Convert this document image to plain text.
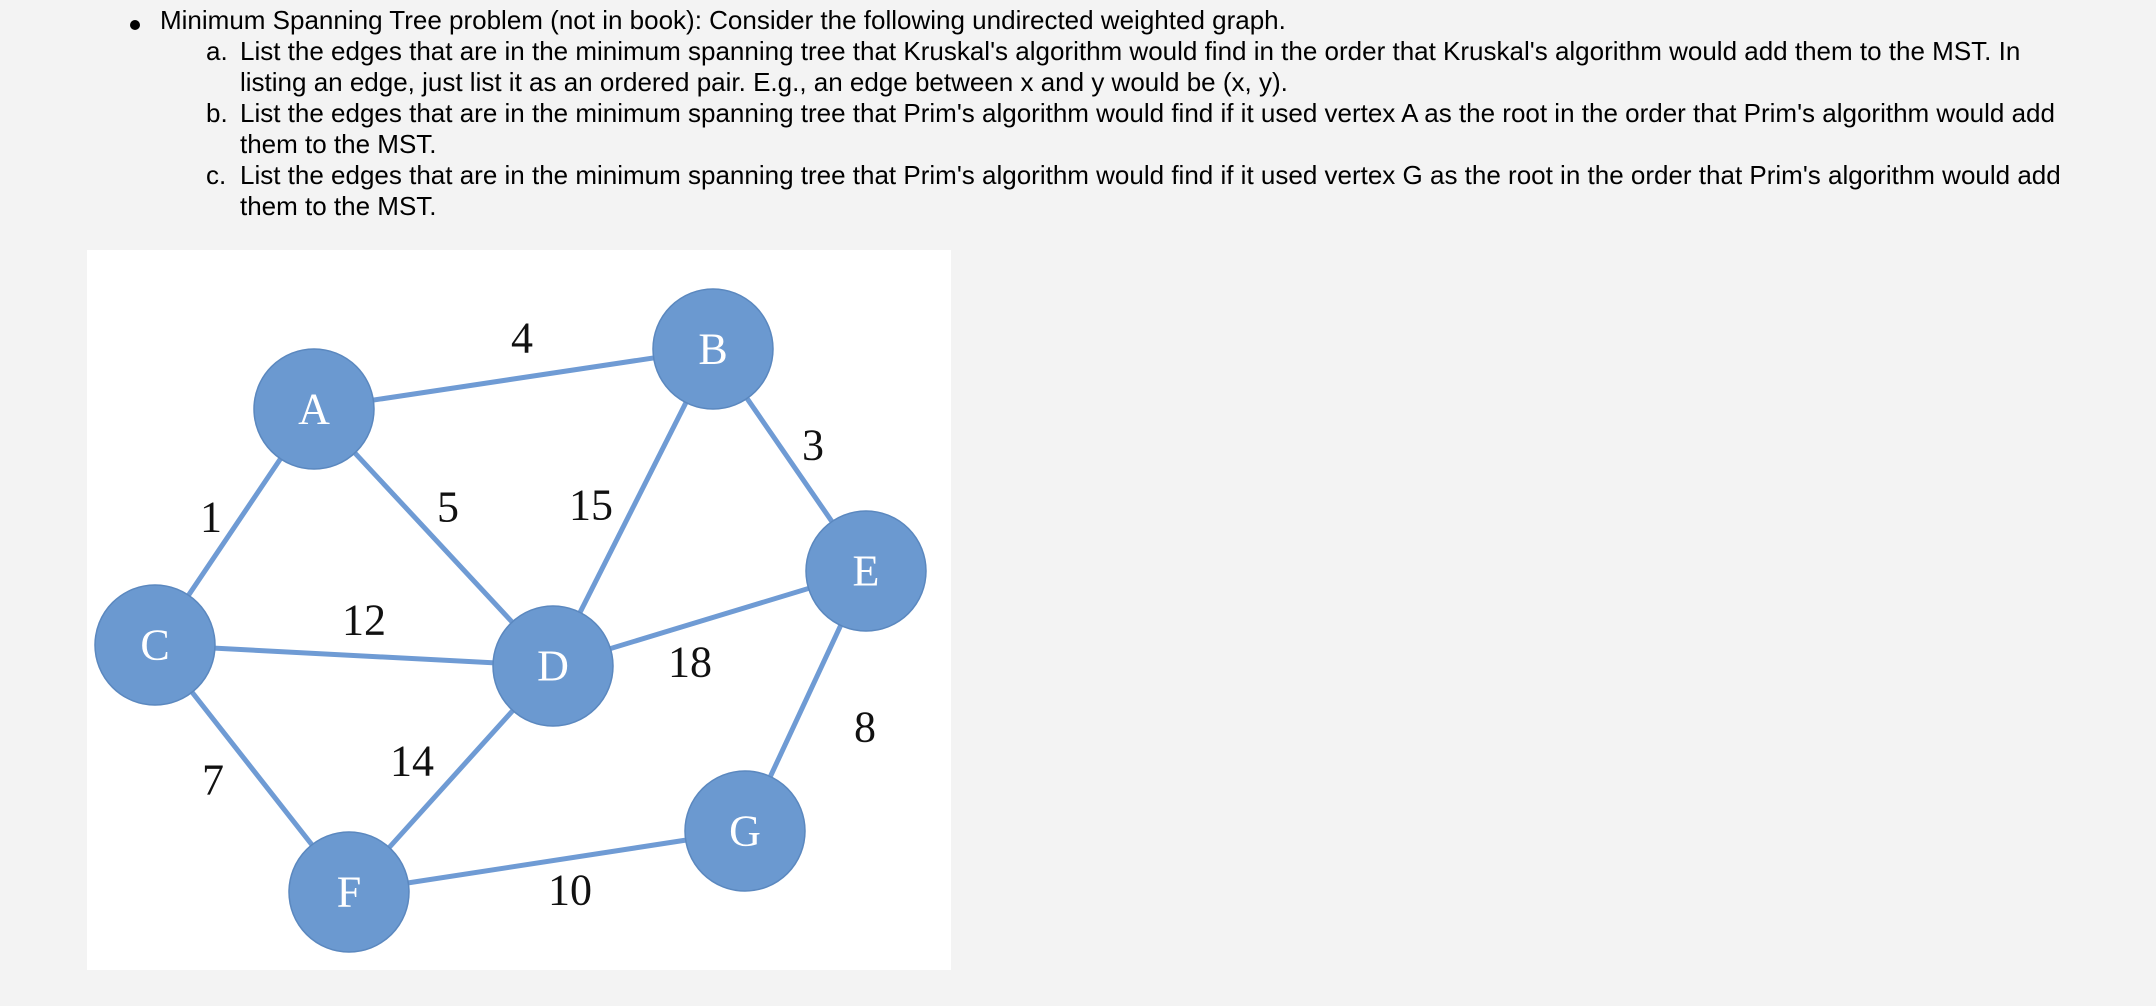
Minimum Spanning Tree problem (not in book): Consider the following undirected weighted graph.
a. List the edges that are in the minimum spanning tree that Kruskal's algorithm would find in the order that Kruskal's algorithm would add them to the MST. In listing an edge, just list it as an ordered pair. E.g., an edge between x and y would be (x, y).
b. List the edges that are in the minimum spanning tree that Prim's algorithm would find if it used vertex A as the root in the order that Prim's algorithm would add them to the MST.
c. List the edges that are in the minimum spanning tree that Prim's algorithm would find if it used vertex G as the root in the order that Prim's algorithm would add them to the MST.
4
1	5	15
3
12
7
18
14
8
10
A
B
C	D
E
F
G
